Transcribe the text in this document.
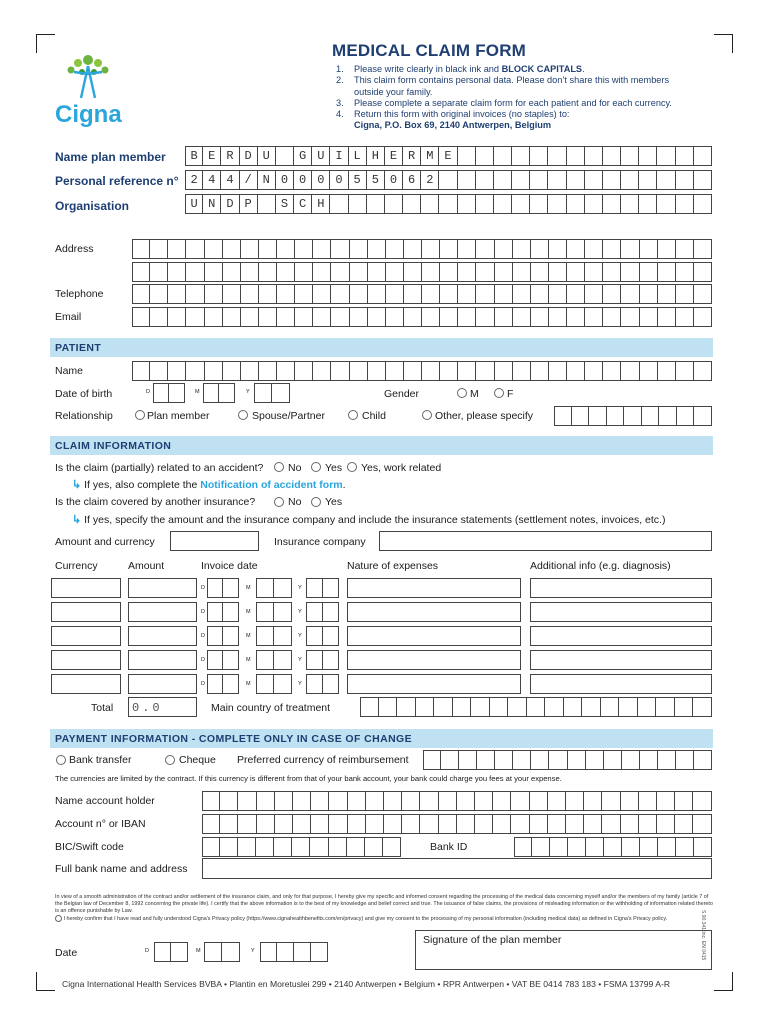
Cigna
MEDICAL CLAIM FORM
1.	Please write clearly in black ink and BLOCK CAPITALS.
2.	This claim form contains personal data. Please don’t share this with members
outside your family.
3.	Please complete a separate claim form for each patient and for each currency.
4.	Return this form with original invoices (no staples) to:
Cigna, P.O. Box 69, 2140 Antwerpen, Belgium
Name plan member	B E R D U	G U I L H E R M E
Personal reference n° 2 4 4 / N 0 0 0 0 5 5 0 6 2
Organisation	U N D P	S C H
Address
Telephone
Email
PATIENT
Name
Date of birth	D	M	Y	Gender	M	F
Relationship	Plan member	Spouse/Partner	Child	Other, please specify
CLAIM INFORMATION
Is the claim (partially) related to an accident? No Yes Yes, work related
↳ If yes, also complete the Notification of accident form.
Is the claim covered by another insurance?	No Yes
↳ If yes, specify the amount and the insurance company and include the insurance statements (settlement notes, invoices, etc.)
Amount and currency	Insurance company
Currency	Amount	Invoice date	Nature of expenses	Additional info (e.g. diagnosis)
D	M	Y
D	M	Y
D	M	Y
D	M	Y
D	M	Y
Total 0.0	Main country of treatment
PAYMENT INFORMATION - COMPLETE ONLY IN CASE OF CHANGE
Bank transfer	Cheque Preferred currency of reimbursement
The currencies are limited by the contract. If this currency is different from that of your bank account, your bank could charge you fees at your expense.
Name account holder
Account n° or IBAN
BIC/Swift code	Bank ID
Full bank name and address
In view of a smooth administration of the contract and/or settlement of the insurance claim, and only for that purpose, I hereby give my specific and informed consent regarding the processing of the medical data concerning myself and/or the members of my family (article 7 of the Belgian law of December 8, 1992 concerning the private life). I certify that the above information is to the best of my knowledge and belief correct and true. The issuance of false claims, the provisions of misleading information or the withholding of information related thereto is an offence punishable by Law.
I hereby confirm that I have read and fully understood Cigna's Privacy policy (https://www.cignahealthbenefits.com/en/privacy) and give my consent to the processing of my personal information (including medical data) as defined in Cigna's Privacy policy.
Date	D	M	Y
Signature of the plan member	S 90.341 Inc. EN 0415
Cigna International Health Services BVBA • Plantin en Moretuslei 299 • 2140 Antwerpen • Belgium • RPR Antwerpen • VAT BE 0414 783 183 • FSMA 13799 A-R
